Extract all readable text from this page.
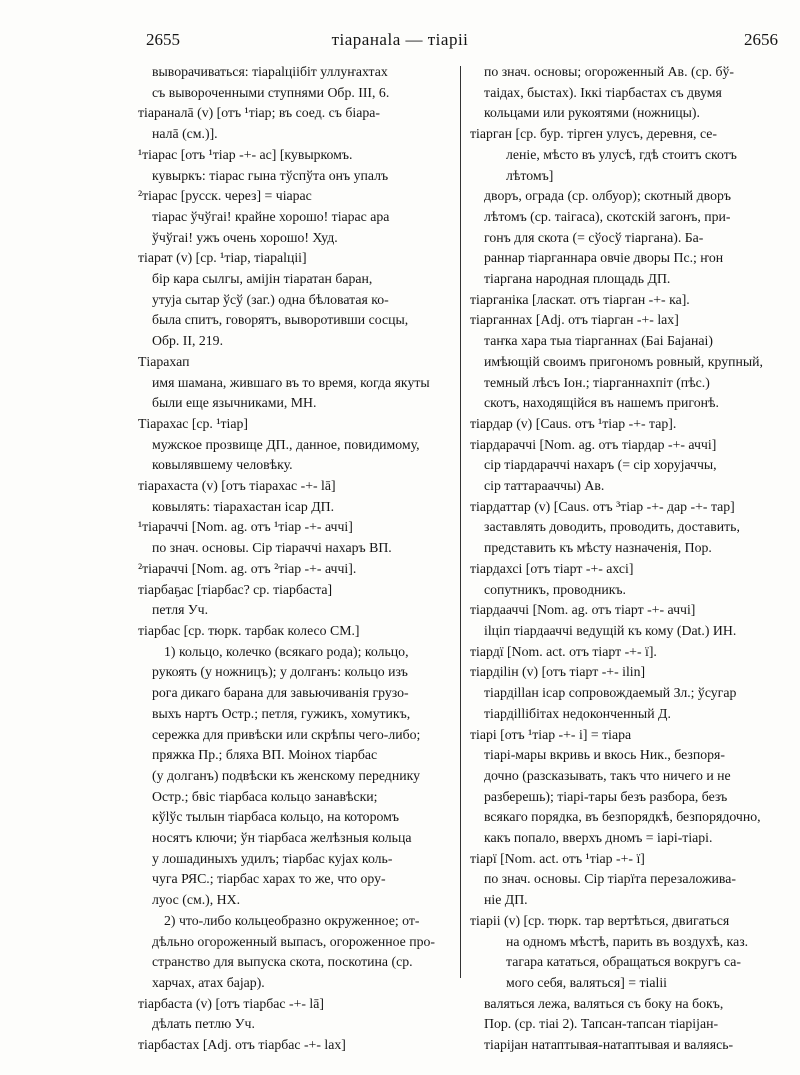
2655	тіаранаlа — тіарii	2656
выворачиваться: тіараlціібіт уллуҥахтах
съ вывороченными ступнями Обр. III, 6.
тіараналā (v) [отъ ¹тіар; въ соед. съ біара-
налā (см.)].
¹тіарас [отъ ¹тіар -+- ас] [кувыркомъ.
кувыркъ: тіарас гына тўспўта онъ упалъ
²тіарас [русск. через] = чіарас
тіарас ўчўгаі! крайне хорошо! тіарас ара
ўчўгаі! ужъ очень хорошо! Худ.
тіарат (v) [ср. ¹тіар, тіараlціі]
бір кара сылгы, амijiн тіаратан баран,
утуjа сытар ўсў (заг.) одна бѣловатая ко-
была спитъ, говорятъ, выворотивши сосцы,
Обр. II, 219.
Тіарахап
имя шамана, жившаго въ то время, когда якуты
были еще язычниками, МН.
Тіарахас [ср. ¹тіар]
мужское прозвище ДП., данное, повидимому,
ковылявшему человѣку.
тіарахаста (v) [отъ тіарахас -+- lā]
ковылять: тіарахастан ісар ДП.
¹тіараччі [Nom. ag. отъ ¹тіар -+- аччі]
по знач. основы. Сір тіараччі нахаръ ВП.
²тіараччі [Nom. ag. отъ ²тіар -+- аччі].
тіарбаҕас [тіарбас? ср. тіарбаста]
петля Уч.
тіарбас [ср. тюрк. тарбак колесо СМ.]
1) кольцо, колечко (всякаго рода); кольцо,
рукоять (у ножницъ); у долганъ: кольцо изъ
рога дикаго барана для завьючиванія грузо-
выхъ нартъ Остр.; петля, гужикъ, хомутикъ,
сережка для привѣски или скрѣпы чего-либо;
пряжка Пр.; бляха ВП. Моінох тіарбас
(у долганъ) подвѣски къ женскому переднику
Остр.; бвіс тіарбаса кольцо занавѣски;
кўlўс тылын тіарбаса кольцо, на которомъ
носятъ ключи; ўн тіарбаса желѣзныя кольца
у лошадиныхъ удилъ; тіарбас куjах коль-
чуга РЯС.; тіарбас харах то же, что ору-
луос (см.), НХ.
2) что-либо кольцеобразно окруженное; от-
дѣльно огороженный выпасъ, огороженное про-
странство для выпуска скота, поскотина (ср.
харчах, атах бајар).
тіарбаста (v) [отъ тіарбас -+- lā]
дѣлать петлю Уч.
тіарбастах [Adj. отъ тіарбас -+- lах]
по знач. основы; огороженный Ав. (ср. бў-
таідах, быстах). Іккі тіарбастах съ двумя
кольцами или рукоятями (ножницы).
тіарган [ср. бур. тірген улусъ, деревня, се-
леніе, мѣсто въ улусѣ, гдѣ стоитъ скотъ
лѣтомъ]
дворъ, ограда (ср. олбуор); скотный дворъ
лѣтомъ (ср. таігаса), скотскій загонъ, при-
гонъ для скота (= сўосў тіаргана). Ба-
раннар тіарганнара овчіе дворы Пс.; ҥон
тіаргана народная площадь ДП.
тіарганіка [ласкат. отъ тіарган -+- ка].
тіарганнах [Adj. отъ тіарган -+- lах]
таҥка хара тыа тіарганнах (Бaі Баjанаі)
имѣющій своимъ пригономъ ровный, крупный,
темный лѣсъ Іон.; тіарганнахпіт (пѣс.)
скотъ, находящійся въ нашемъ пригонѣ.
тіардар (v) [Caus. отъ ¹тіар -+- тар].
тіардараччі [Nom. ag. отъ тіардар -+- аччі]
сір тіардараччі нахаръ (= сір хоруjаччы,
сір таттарааччы) Ав.
тіардаттар (v) [Caus. отъ ³тіар -+- дар -+- тар]
заставлять доводить, проводить, доставить,
представить къ мѣсту назначенія, Пор.
тіардахсі [отъ тіарт -+- ахсі]
сопутникъ, проводникъ.
тіардааччі [Nom. ag. отъ тіарт -+- аччі]
іlціп тіардааччі ведущій къ кому (Dat.) ИН.
тіардї [Nom. act. отъ тіарт -+- ї].
тіардіlін (v) [отъ тіарт -+- ilin]
тіардіllан ісар сопровождаемый Зл.; ўсугар
тіардіllібітах недоконченный Д.
тіарі [отъ ¹тіар -+- і] = тіара
тіарі-мары вкривь и вкось Ник., безпоря-
дочно (разсказывать, такъ что ничего и не
разберешь); тіарі-тары безъ разбора, безъ
всякаго порядка, въ безпорядкѣ, безпорядочно,
какъ попало, вверхъ дномъ = iарі-тіарі.
тіарї [Nom. act. отъ ¹тіар -+- ї]
по знач. основы. Сір тіарїта перезаложива-
ніе ДП.
тіарii (v) [ср. тюрк. тар вертѣться, двигаться
на одномъ мѣстѣ, парить въ воздухѣ, каз.
тагара кататься, обращаться вокругъ са-
мого себя, валяться] = тіаlii
валяться лежа, валяться съ боку на бокъ,
Пор. (ср. тіаі 2). Тапсан-тапсан тіарijан-
тіарijан натаптывая-натаптывая и валяясь-
